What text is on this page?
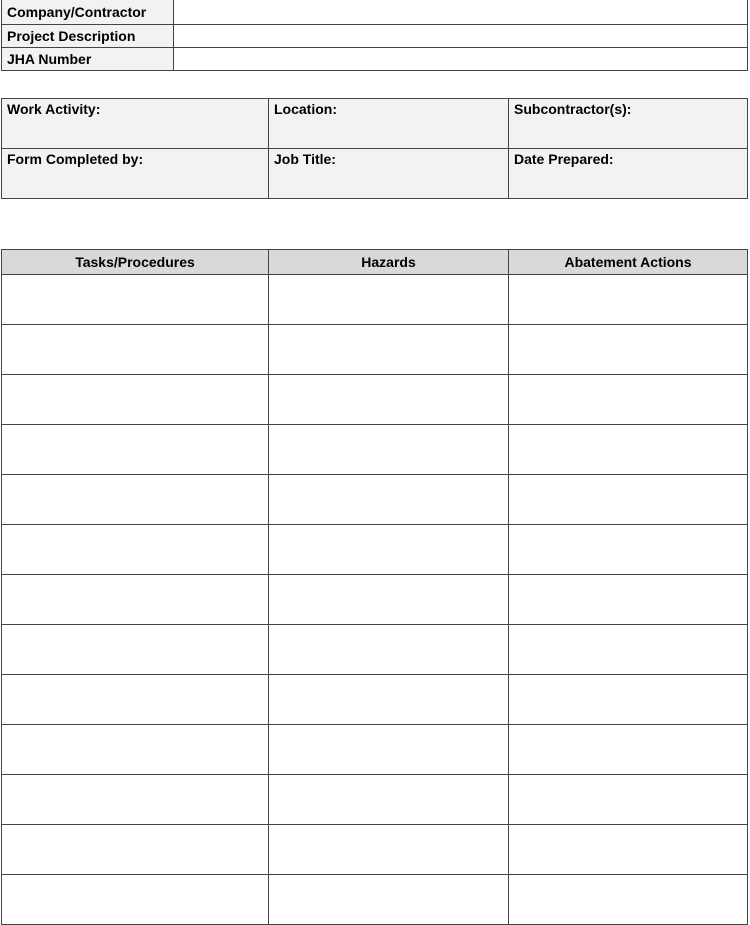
Company/Contractor	
Project Description	
JHA Number	
Work Activity:	Location:	Subcontractor(s):
Form Completed by:	Job Title:	Date Prepared:
Tasks/Procedures	Hazards	Abatement Actions
